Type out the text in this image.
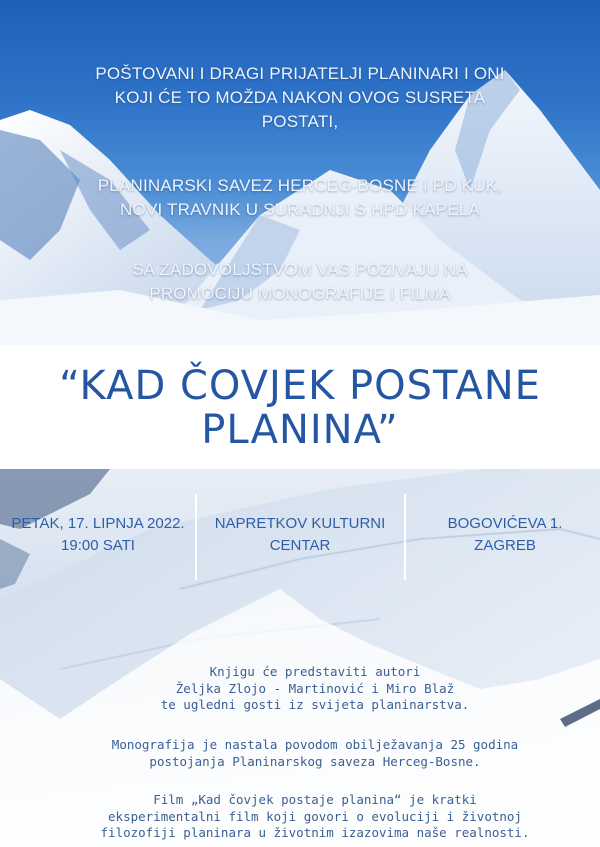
POŠTOVANI I DRAGI PRIJATELJI PLANINARI I ONI

KOJI ĆE TO MOŽDA NAKON OVOG SUSRETA

POSTATI,

PLANINARSKI SAVEZ HERCEG-BOSNE I PD KUK,

NOVI TRAVNIK U SURADNJI S HPD KAPELA

SA ZADOVOLJSTVOM VAS POZIVAJU NA

PROMOCIJU MONOGRAFIJE I FILMA

“KAD ČOVJEK POSTANE
PLANINA”
PETAK, 17. LIPNJA 2022.
19:00 SATI
NAPRETKOV KULTURNI
CENTAR
BOGOVIĆEVA 1.
ZAGREB

Knjigu će predstaviti autori

Željka Zlojo - Martinović i Miro Blaž

te ugledni gosti iz svijeta planinarstva.

Monografija je nastala povodom obilježavanja 25 godina

postojanja Planinarskog saveza Herceg-Bosne.

Film „Kad čovjek postaje planina“ je kratki

eksperimentalni film koji govori o evoluciji i životnoj

filozofiji planinara u životnim izazovima naše realnosti.
